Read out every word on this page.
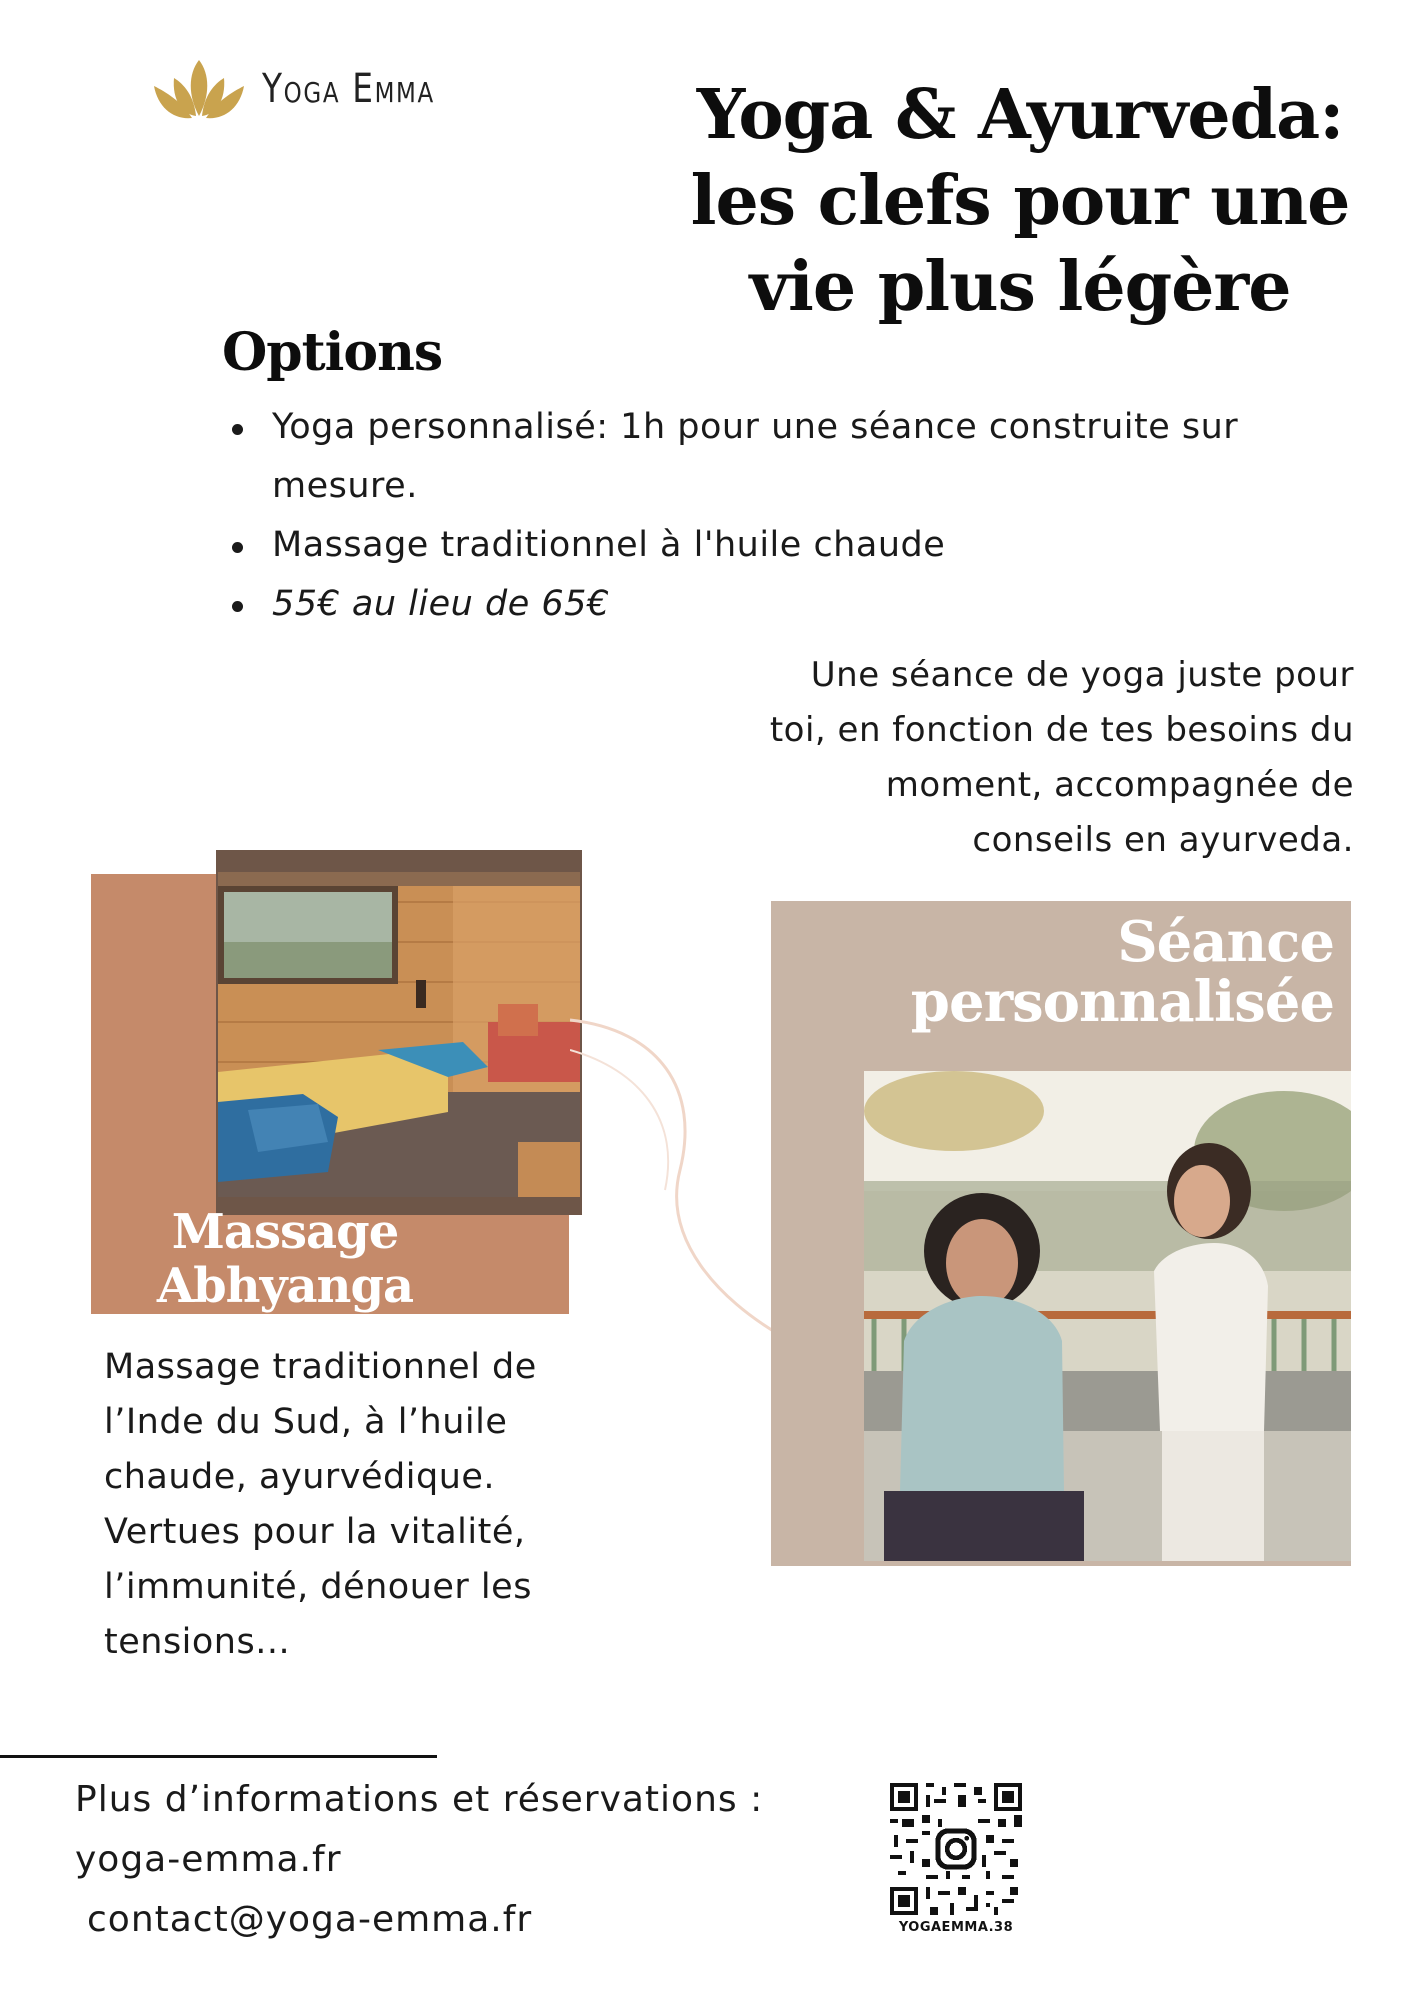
Yoga Emma	Yoga & Ayurveda:
les clefs pour une
vie plus légère
Options
Yoga personnalisé: 1h pour une séance construite sur mesure.
Massage traditionnel à l'huile chaude
55€ au lieu de 65€
Une séance de yoga juste pour toi, en fonction de tes besoins du moment, accompagnée de conseils en ayurveda.
Massage
Abhyanga
Séance
personnalisée
Massage traditionnel de l’Inde du Sud, à l’huile chaude, ayurvédique. Vertues pour la vitalité, l’immunité, dénouer les tensions...
Plus d’informations et réservations :
yoga-emma.fr
contact@yoga-emma.fr	YOGAEMMA.38
